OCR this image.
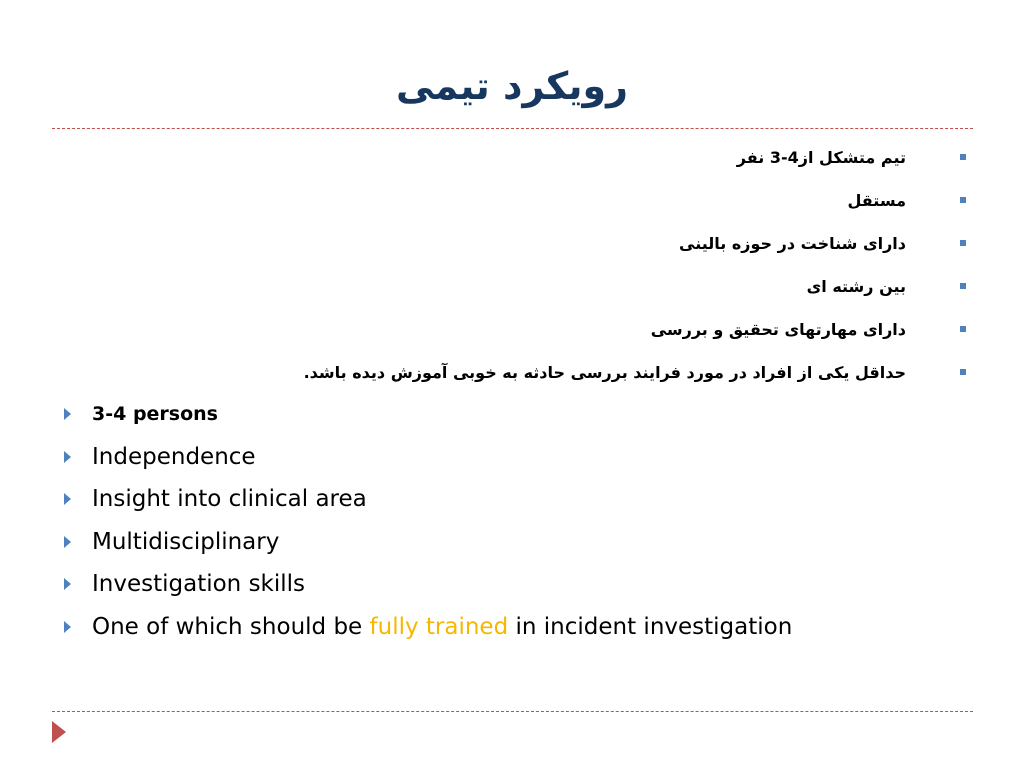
رویکرد تیمی
تیم متشکل از4-3 نفر
مستقل
دارای شناخت در حوزه بالینی
بین رشته ای
دارای مهارتهای تحقیق و بررسی
حداقل یکی از افراد در مورد فرایند بررسی حادثه به خوبی آموزش دیده باشد.
3-4 persons
Independence
Insight into clinical area
Multidisciplinary
Investigation skills
One of which should be fully trained in incident investigation
